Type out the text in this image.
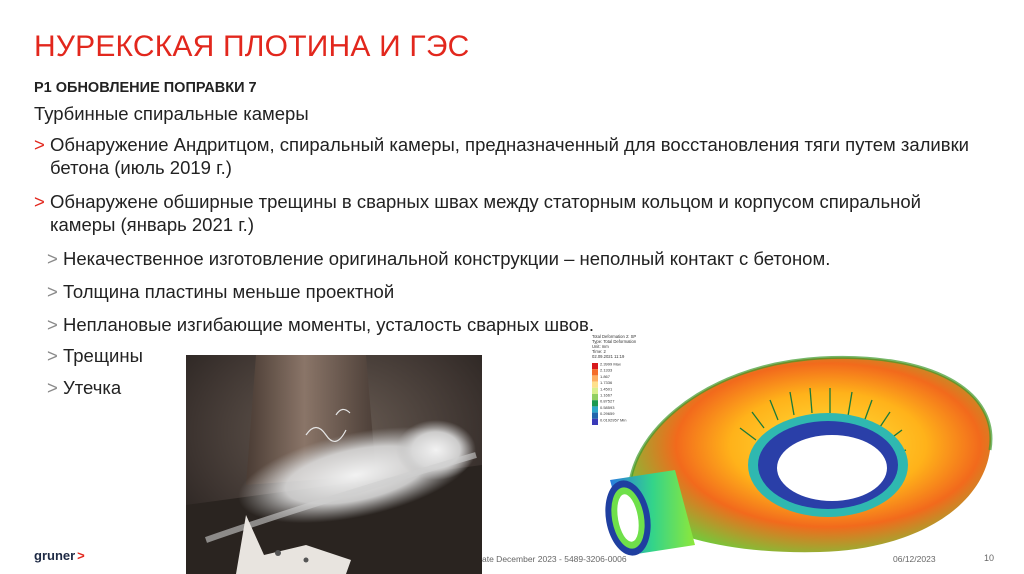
НУРЕКСКАЯ ПЛОТИНА И ГЭС
P1 ОБНОВЛЕНИЕ ПОПРАВКИ 7
Турбинные спиральные камеры
> Обнаружение Андритцом, спиральный камеры, предназначенный для восстановления тяги путем заливки бетона (июль 2019 г.)
> Обнаружене обширные трещины в сварных швах между статорным кольцом и корпусом спиральной камеры (январь 2021 г.)
> Некачественное изготовление оригинальной конструкции – неполный контакт с бетоном.
> Толщина пластины меньше проектной
> Неплановые изгибающие моменты, усталость сварных швов.
> Трещины
> Утечка
Total Deformation 2: SP
Type: Total Deformation
Unit: mm
Time: 2
02.09.2021 11:19
2.3999 Max
2.1333
1.867
1.7336
1.4501
1.1667
0.87527
0.58593
0.29659
0.0192957 Min
gruner >	ate December 2023 - 5489-3206-0006	06/12/2023	10
